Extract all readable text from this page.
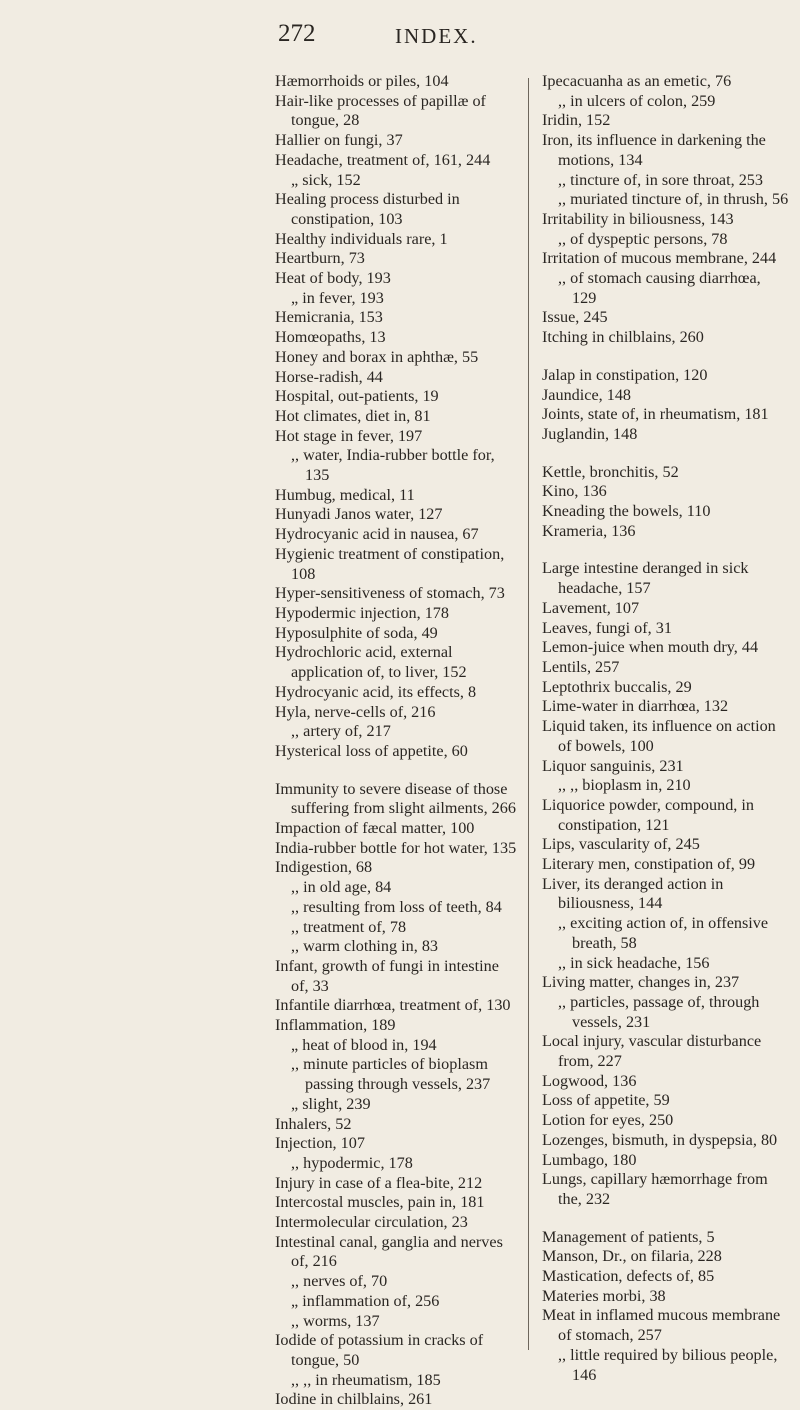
272	INDEX.

Hæmorrhoids or piles, 104

Hair-like processes of papillæ of tongue, 28

Hallier on fungi, 37

Headache, treatment of, 161, 244

„ sick, 152

Healing process disturbed in constipation, 103

Healthy individuals rare, 1

Heartburn, 73

Heat of body, 193

„ in fever, 193

Hemicrania, 153

Homœopaths, 13

Honey and borax in aphthæ, 55

Horse-radish, 44

Hospital, out-patients, 19

Hot climates, diet in, 81

Hot stage in fever, 197

,, water, India-rubber bottle for, 135

Humbug, medical, 11

Hunyadi Janos water, 127

Hydrocyanic acid in nausea, 67

Hygienic treatment of constipation, 108

Hyper-sensitiveness of stomach, 73

Hypodermic injection, 178

Hyposulphite of soda, 49

Hydrochloric acid, external application of, to liver, 152

Hydrocyanic acid, its effects, 8

Hyla, nerve-cells of, 216

,, artery of, 217

Hysterical loss of appetite, 60

Immunity to severe disease of those suffering from slight ailments, 266

Impaction of fæcal matter, 100

India-rubber bottle for hot water, 135

Indigestion, 68

,, in old age, 84

,, resulting from loss of teeth, 84

,, treatment of, 78

,, warm clothing in, 83

Infant, growth of fungi in intestine of, 33

Infantile diarrhœa, treatment of, 130

Inflammation, 189

„ heat of blood in, 194

,, minute particles of bioplasm passing through vessels, 237

„ slight, 239

Inhalers, 52

Injection, 107

,, hypodermic, 178

Injury in case of a flea-bite, 212

Intercostal muscles, pain in, 181

Intermolecular circulation, 23

Intestinal canal, ganglia and nerves of, 216

,, nerves of, 70

„ inflammation of, 256

,, worms, 137

Iodide of potassium in cracks of tongue, 50

,, ,, in rheumatism, 185

Iodine in chilblains, 261

Ipecacuanha as an emetic, 76

,, in ulcers of colon, 259

Iridin, 152

Iron, its influence in darkening the motions, 134

,, tincture of, in sore throat, 253

,, muriated tincture of, in thrush, 56

Irritability in biliousness, 143

,, of dyspeptic persons, 78

Irritation of mucous membrane, 244

,, of stomach causing diarrhœa, 129

Issue, 245

Itching in chilblains, 260

Jalap in constipation, 120

Jaundice, 148

Joints, state of, in rheumatism, 181

Juglandin, 148

Kettle, bronchitis, 52

Kino, 136

Kneading the bowels, 110

Krameria, 136

Large intestine deranged in sick headache, 157

Lavement, 107

Leaves, fungi of, 31

Lemon-juice when mouth dry, 44

Lentils, 257

Leptothrix buccalis, 29

Lime-water in diarrhœa, 132

Liquid taken, its influence on action of bowels, 100

Liquor sanguinis, 231

,, ,, bioplasm in, 210

Liquorice powder, compound, in constipation, 121

Lips, vascularity of, 245

Literary men, constipation of, 99

Liver, its deranged action in biliousness, 144

,, exciting action of, in offensive breath, 58

,, in sick headache, 156

Living matter, changes in, 237

,, particles, passage of, through vessels, 231

Local injury, vascular disturbance from, 227

Logwood, 136

Loss of appetite, 59

Lotion for eyes, 250

Lozenges, bismuth, in dyspepsia, 80

Lumbago, 180

Lungs, capillary hæmorrhage from the, 232

Management of patients, 5

Manson, Dr., on filaria, 228

Mastication, defects of, 85

Materies morbi, 38

Meat in inflamed mucous membrane of stomach, 257

,, little required by bilious people, 146
